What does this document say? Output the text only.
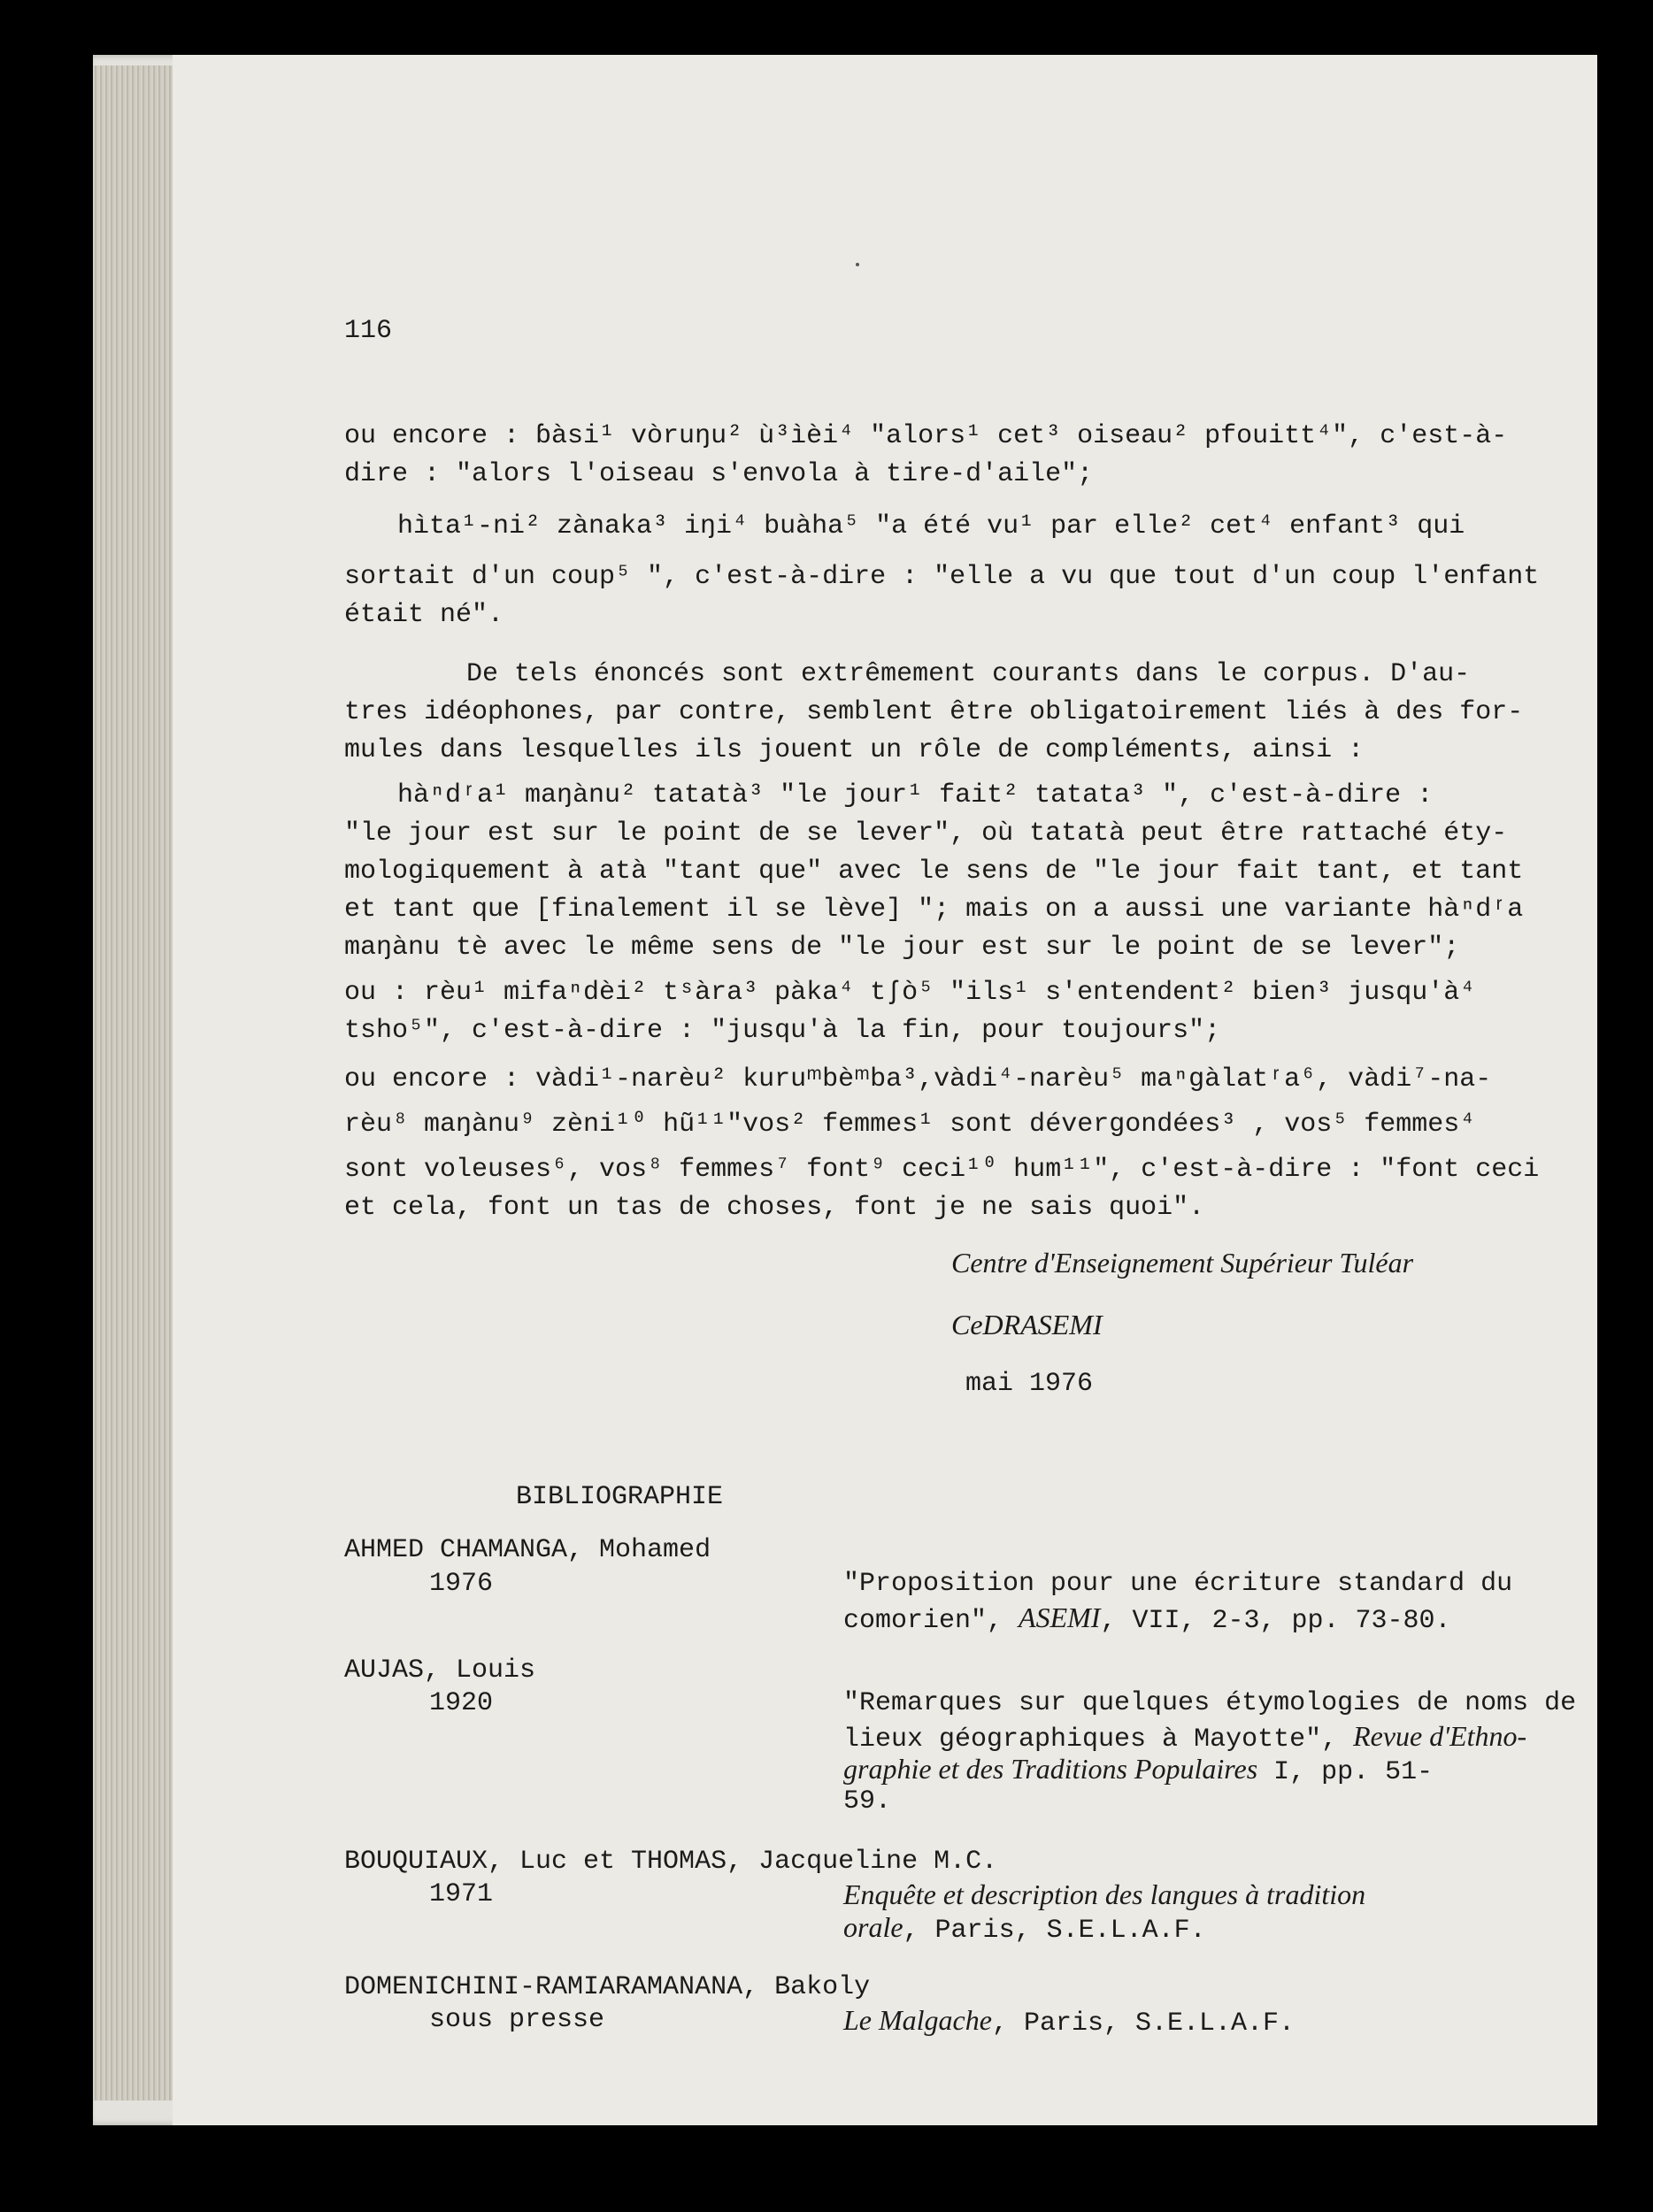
116
ou encore : ɓàsi¹ vòruŋu² ù³ìèi⁴ "alors¹ cet³ oiseau² pfouitt⁴", c'est-à-
dire : "alors l'oiseau s'envola à tire-d'aile";
hìta¹-ni² zànaka³ iŋi⁴ buàha⁵ "a été vu¹ par elle² cet⁴ enfant³ qui
sortait d'un coup⁵ ", c'est-à-dire : "elle a vu que tout d'un coup l'enfant
était né".
De tels énoncés sont extrêmement courants dans le corpus. D'au-
tres idéophones, par contre, semblent être obligatoirement liés à des for-
mules dans lesquelles ils jouent un rôle de compléments, ainsi :
hàⁿdʳa¹ maŋànu² tatatà³ "le jour¹ fait² tatata³ ", c'est-à-dire :
"le jour est sur le point de se lever", où tatatà peut être rattaché éty-
mologiquement à atà "tant que" avec le sens de "le jour fait tant, et tant
et tant que [finalement il se lève] "; mais on a aussi une variante hàⁿdʳa
maŋànu tè avec le même sens de "le jour est sur le point de se lever";
ou : rèu¹ mifaⁿdèi² tˢàra³ pàka⁴ tʃò⁵ "ils¹ s'entendent² bien³ jusqu'à⁴
tsho⁵", c'est-à-dire : "jusqu'à la fin, pour toujours";
ou encore : vàdi¹-narèu² kuruᵐbèᵐba³,vàdi⁴-narèu⁵ maⁿgàlatʳa⁶, vàdi⁷-na-
rèu⁸ maŋànu⁹ zèni¹⁰ hũ¹¹"vos² femmes¹ sont dévergondées³ , vos⁵ femmes⁴
sont voleuses⁶, vos⁸ femmes⁷ font⁹ ceci¹⁰ hum¹¹", c'est-à-dire : "font ceci
et cela, font un tas de choses, font je ne sais quoi".
Centre d'Enseignement Supérieur Tuléar
CeDRASEMI
mai 1976
BIBLIOGRAPHIE
AHMED CHAMANGA, Mohamed
1976	"Proposition pour une écriture standard du
comorien", ASEMI, VII, 2-3, pp. 73-80.
AUJAS, Louis
1920	"Remarques sur quelques étymologies de noms de
lieux géographiques à Mayotte", Revue d'Ethno-
graphie et des Traditions Populaires I, pp. 51-
59.
BOUQUIAUX, Luc et THOMAS, Jacqueline M.C.
1971	Enquête et description des langues à tradition
orale, Paris, S.E.L.A.F.
DOMENICHINI-RAMIARAMANANA, Bakoly
sous presse	Le Malgache, Paris, S.E.L.A.F.
